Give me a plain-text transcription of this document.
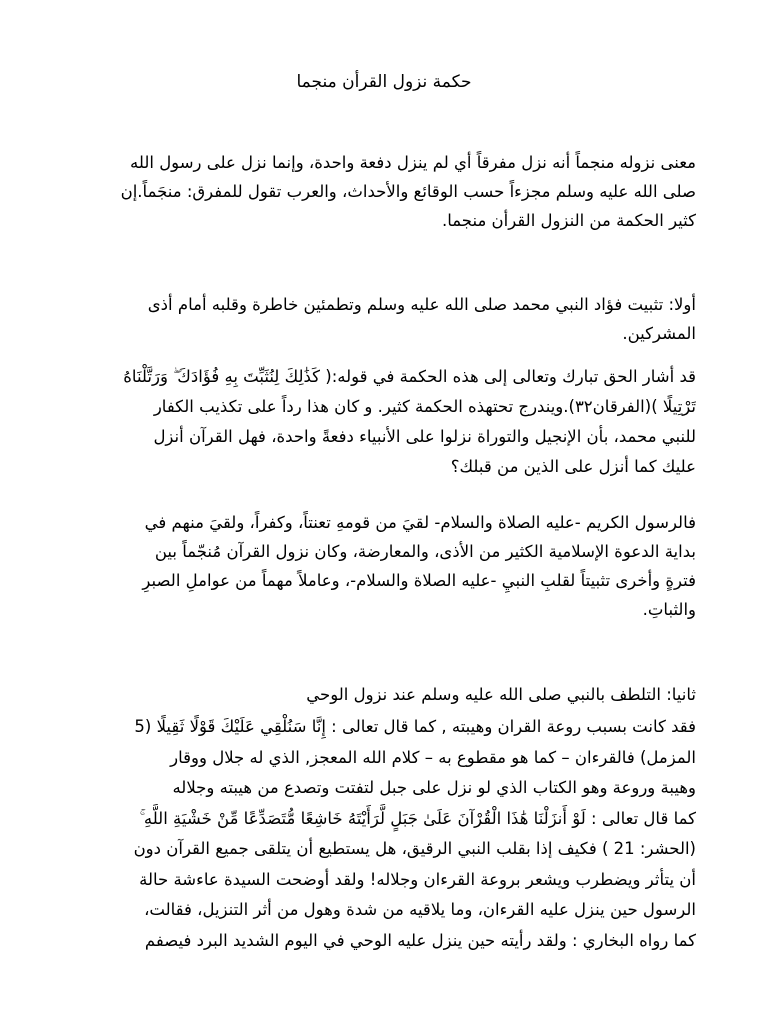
حكمة نزول القرأن منجما
معنى نزوله منجماً أنه نزل مفرقاً أي لم ينزل دفعة واحدة، وإنما نزل على رسول الله
صلى الله عليه وسلم مجزءاً حسب الوقائع والأحداث، والعرب تقول للمفرق: منجَماً.إن
كثير الحكمة من النزول القرأن منجما.
أولا: تثبيت فؤاد النبي محمد صلى الله عليه وسلم وتطمئين خاطرة وقلبه أمام أذى
المشركين.
قد أشار الحق تبارك وتعالى إلى هذه الحكمة في قوله:( كَذَٰلِكَ لِنُثَبِّتَ بِهِ فُؤَادَكَ ۖ وَرَتَّلْنَاهُ
تَرْتِيلًا )(الفرقان٣٢).ويندرج تحتهذه الحكمة كثير. و كان هذا رداً على تكذيب الكفار
للنبي محمد، بأن الإنجيل والتوراة نزلوا على الأنبياء دفعةً واحدة، فهل القرآن أنزل
عليك كما أنزل على الذين من قبلك؟
فالرسول الكريم -عليه الصلاة والسلام- لقيَ من قومهِ تعنتاً، وكفراً، ولقيَ منهم في
بداية الدعوة الإسلامية الكثير من الأذى، والمعارضة، وكان نزول القرآن مُنجّماً بين
فترةٍ وأخرى تثبيتاً لقلبِ النبيِ -عليه الصلاة والسلام-، وعاملاً مهماً من عواملِ الصبرِ
والثباتِ.
ثانيا: التلطف بالنبي صلى الله عليه وسلم عند نزول الوحي
فقد كانت بسبب روعة القران وهيبته , كما قال تعالى : إِنَّا سَنُلْقِي عَلَيْكَ قَوْلًا ثَقِيلًا (5
المزمل) فالقرءان – كما هو مقطوع به – كلام الله المعجز, الذي له جلال ووقار
وهيبة وروعة وهو الكتاب الذي لو نزل على جبل لتفتت وتصدع من هيبته وجلاله
كما قال تعالى : لَوْ أَنزَلْنَا هَٰذَا الْقُرْآنَ عَلَىٰ جَبَلٍ لَّرَأَيْتَهُ خَاشِعًا مُّتَصَدِّعًا مِّنْ خَشْيَةِ اللَّهِ ۚ
(الحشر: 21 ) فكيف إذا بقلب النبي الرقيق، هل يستطيع أن يتلقى جميع القرآن دون
أن يتأثر ويضطرب ويشعر بروعة القرءان وجلاله! ولقد أوضحت السيدة عاءشة حالة
الرسول حين ينزل عليه القرءان، وما يلاقيه من شدة وهول من أثر التنزيل، فقالت،
كما رواه البخاري : ولقد رأيته حين ينزل عليه الوحي في اليوم الشديد البرد فيصفم
